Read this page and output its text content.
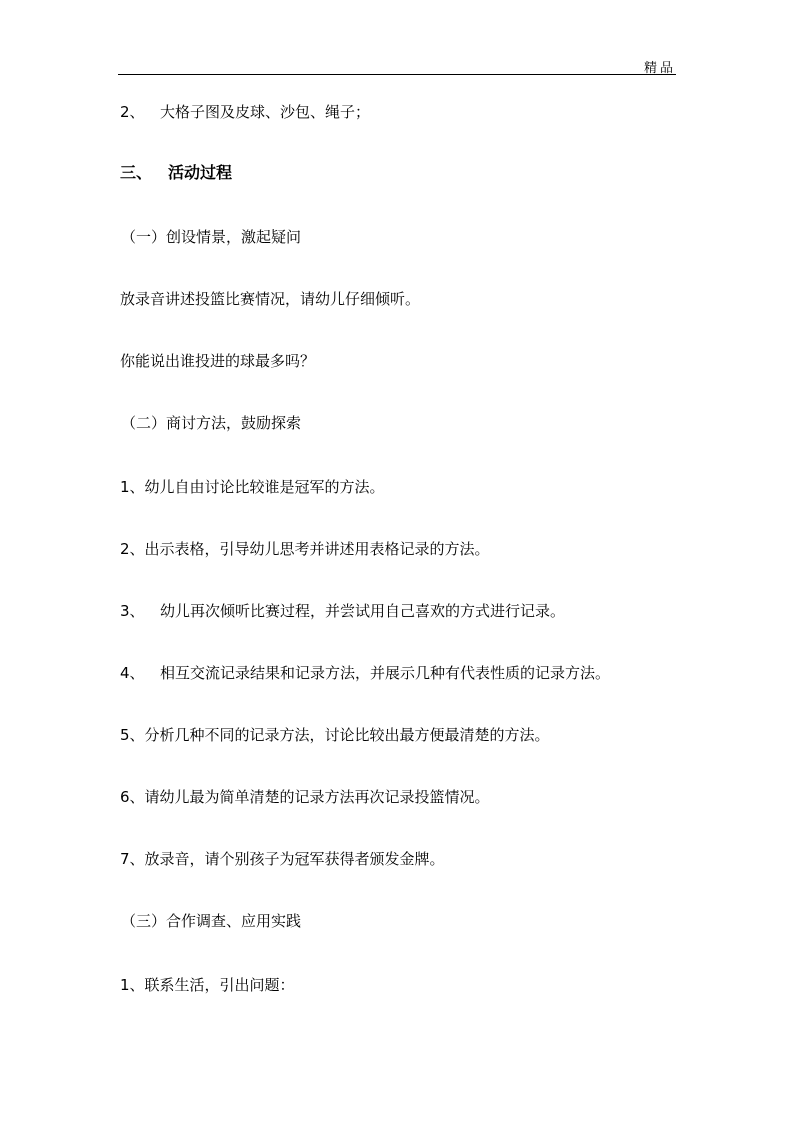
精品
2、 大格子图及皮球、沙包、绳子；
三、 活动过程
（一）创设情景，激起疑问
放录音讲述投篮比赛情况，请幼儿仔细倾听。
你能说出谁投进的球最多吗？
（二）商讨方法，鼓励探索
1、幼儿自由讨论比较谁是冠军的方法。
2、出示表格，引导幼儿思考并讲述用表格记录的方法。
3、 幼儿再次倾听比赛过程，并尝试用自己喜欢的方式进行记录。
4、 相互交流记录结果和记录方法，并展示几种有代表性质的记录方法。
5、分析几种不同的记录方法，讨论比较出最方便最清楚的方法。
6、请幼儿最为简单清楚的记录方法再次记录投篮情况。
7、放录音，请个别孩子为冠军获得者颁发金牌。
（三）合作调查、应用实践
1、联系生活，引出问题：
